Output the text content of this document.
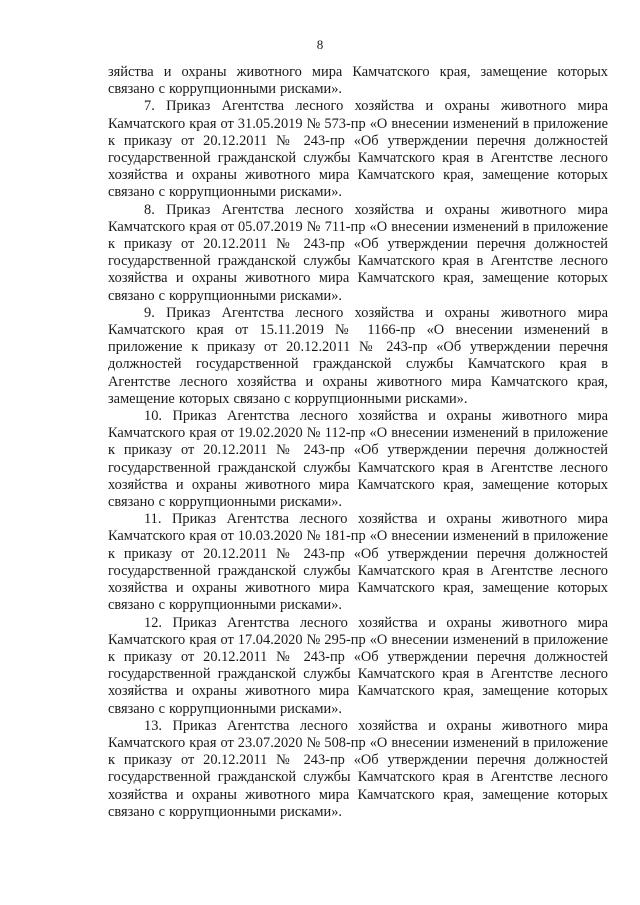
8

зяйства и охраны животного мира Камчатского края, замещение которых связано с коррупционными рисками».

7. Приказ Агентства лесного хозяйства и охраны животного мира Камчатского края от 31.05.2019 № 573-пр «О внесении изменений в приложение к приказу от 20.12.2011 № 243-пр «Об утверждении перечня должностей государственной гражданской службы Камчатского края в Агентстве лесного хозяйства и охраны животного мира Камчатского края, замещение которых связано с коррупционными рисками».

8. Приказ Агентства лесного хозяйства и охраны животного мира Камчатского края от 05.07.2019 № 711-пр «О внесении изменений в приложение к приказу от 20.12.2011 № 243-пр «Об утверждении перечня должностей государственной гражданской службы Камчатского края в Агентстве лесного хозяйства и охраны животного мира Камчатского края, замещение которых связано с коррупционными рисками».

9. Приказ Агентства лесного хозяйства и охраны животного мира Камчатского края от 15.11.2019 № 1166-пр «О внесении изменений в приложение к приказу от 20.12.2011 № 243-пр «Об утверждении перечня должностей государственной гражданской службы Камчатского края в Агентстве лесного хозяйства и охраны животного мира Камчатского края, замещение которых связано с коррупционными рисками».

10. Приказ Агентства лесного хозяйства и охраны животного мира Камчатского края от 19.02.2020 № 112-пр «О внесении изменений в приложение к приказу от 20.12.2011 № 243-пр «Об утверждении перечня должностей государственной гражданской службы Камчатского края в Агентстве лесного хозяйства и охраны животного мира Камчатского края, замещение которых связано с коррупционными рисками».

11. Приказ Агентства лесного хозяйства и охраны животного мира Камчатского края от 10.03.2020 № 181-пр «О внесении изменений в приложение к приказу от 20.12.2011 № 243-пр «Об утверждении перечня должностей государственной гражданской службы Камчатского края в Агентстве лесного хозяйства и охраны животного мира Камчатского края, замещение которых связано с коррупционными рисками».

12. Приказ Агентства лесного хозяйства и охраны животного мира Камчатского края от 17.04.2020 № 295-пр «О внесении изменений в приложение к приказу от 20.12.2011 № 243-пр «Об утверждении перечня должностей государственной гражданской службы Камчатского края в Агентстве лесного хозяйства и охраны животного мира Камчатского края, замещение которых связано с коррупционными рисками».

13. Приказ Агентства лесного хозяйства и охраны животного мира Камчатского края от 23.07.2020 № 508-пр «О внесении изменений в приложение к приказу от 20.12.2011 № 243-пр «Об утверждении перечня должностей государственной гражданской службы Камчатского края в Агентстве лесного хозяйства и охраны животного мира Камчатского края, замещение которых связано с коррупционными рисками».
